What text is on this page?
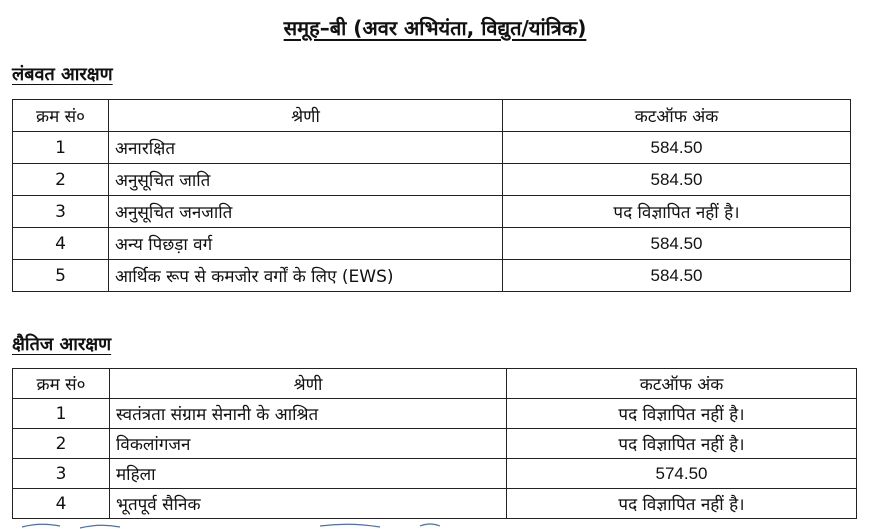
समूह–बी (अवर अभियंता, विद्युत/यांत्रिक)
लंबवत आरक्षण
क्रम सं०	श्रेणी	कटऑफ अंक
1	अनारक्षित	584.50
2	अनुसूचित जाति	584.50
3	अनुसूचित जनजाति	पद विज्ञापित नहीं है।
4	अन्य पिछड़ा वर्ग	584.50
5	आर्थिक रूप से कमजोर वर्गों के लिए (EWS)	584.50
क्षैतिज आरक्षण
क्रम सं०	श्रेणी	कटऑफ अंक
1	स्वतंत्रता संग्राम सेनानी के आश्रित	पद विज्ञापित नहीं है।
2	विकलांगजन	पद विज्ञापित नहीं है।
3	महिला	574.50
4	भूतपूर्व सैनिक	पद विज्ञापित नहीं है।
